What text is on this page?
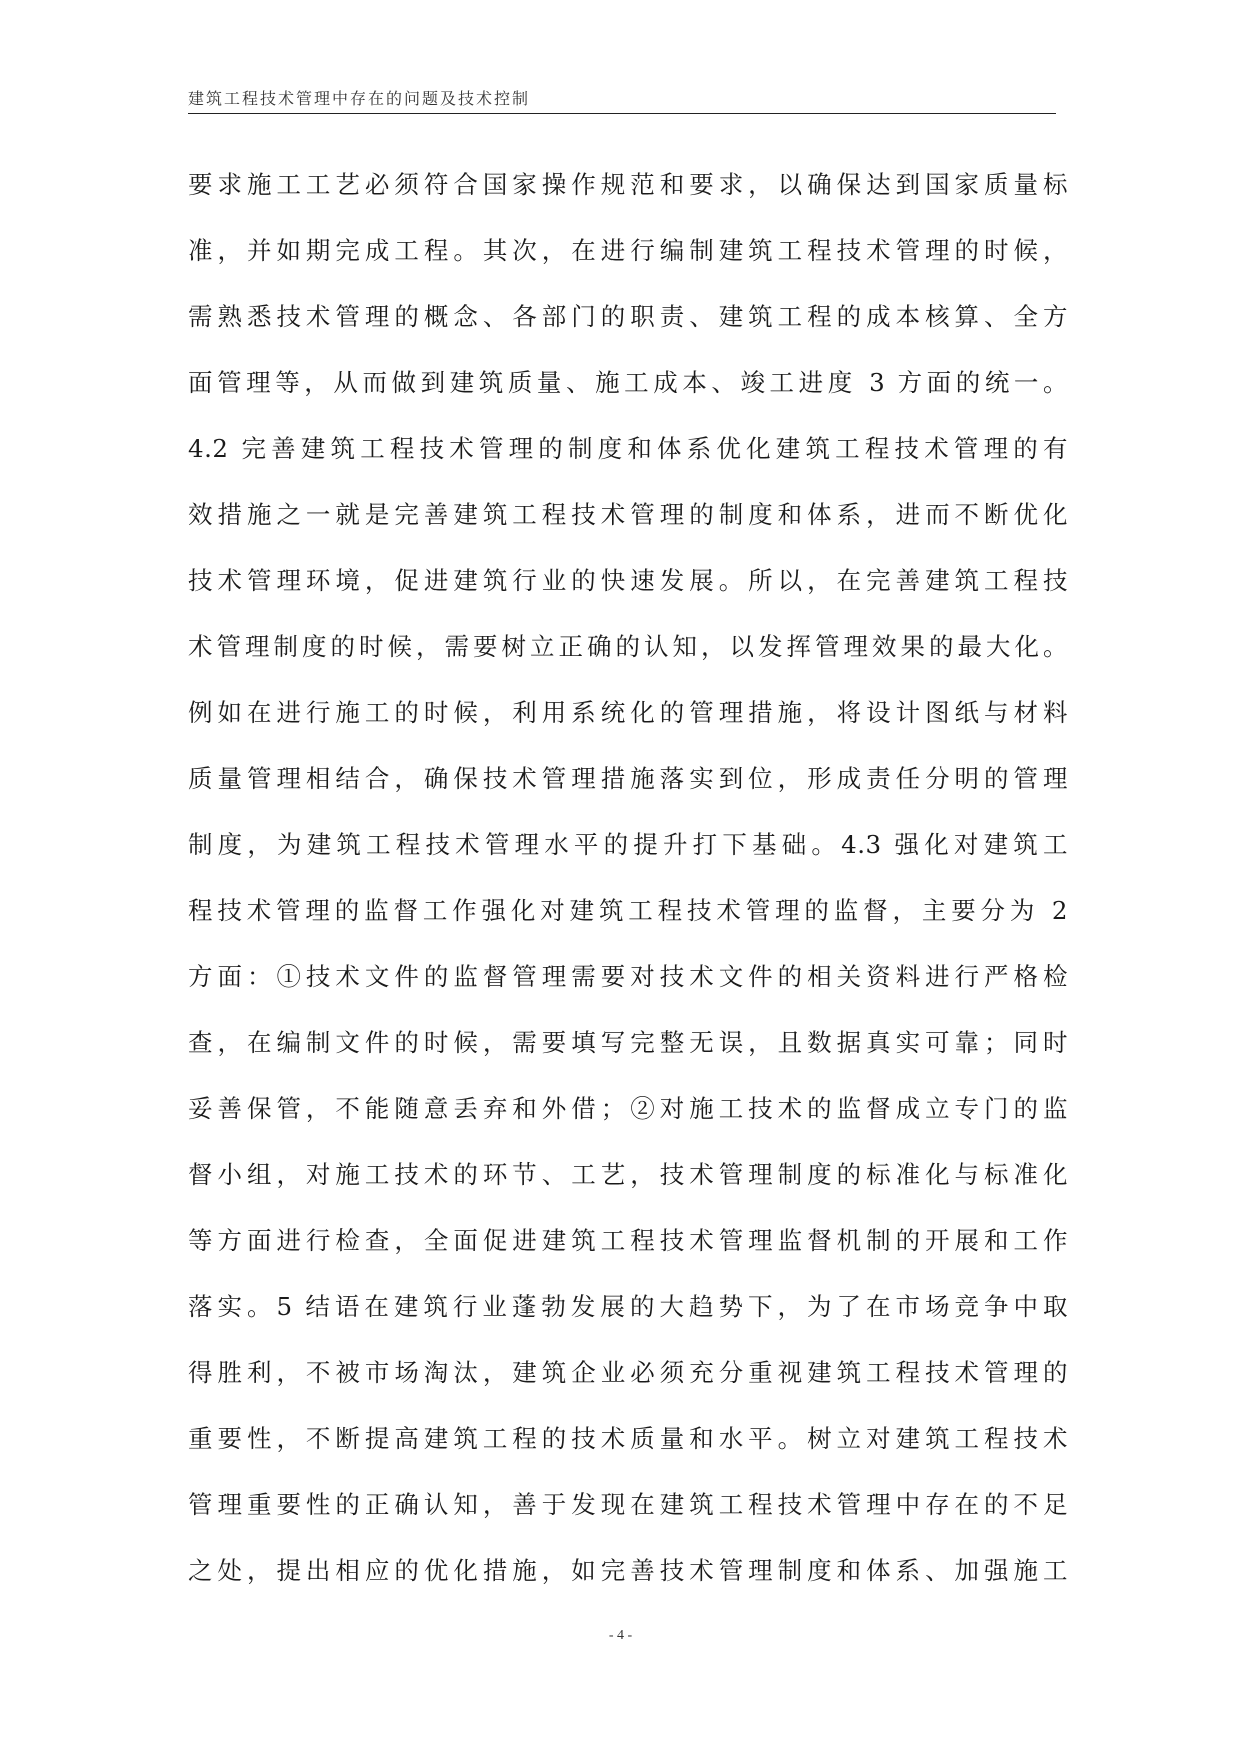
建筑工程技术管理中存在的问题及技术控制
要求施工工艺必须符合国家操作规范和要求，以确保达到国家质量标
准，并如期完成工程。其次，在进行编制建筑工程技术管理的时候，
需熟悉技术管理的概念、各部门的职责、建筑工程的成本核算、全方
面管理等，从而做到建筑质量、施工成本、竣工进度 3 方面的统一。
4.2 完善建筑工程技术管理的制度和体系优化建筑工程技术管理的有
效措施之一就是完善建筑工程技术管理的制度和体系，进而不断优化
技术管理环境，促进建筑行业的快速发展。所以，在完善建筑工程技
术管理制度的时候，需要树立正确的认知，以发挥管理效果的最大化。
例如在进行施工的时候，利用系统化的管理措施，将设计图纸与材料
质量管理相结合，确保技术管理措施落实到位，形成责任分明的管理
制度，为建筑工程技术管理水平的提升打下基础。4.3 强化对建筑工
程技术管理的监督工作强化对建筑工程技术管理的监督，主要分为 2
方面：①技术文件的监督管理需要对技术文件的相关资料进行严格检
查，在编制文件的时候，需要填写完整无误，且数据真实可靠；同时
妥善保管，不能随意丢弃和外借；②对施工技术的监督成立专门的监
督小组，对施工技术的环节、工艺，技术管理制度的标准化与标准化
等方面进行检查，全面促进建筑工程技术管理监督机制的开展和工作
落实。5 结语在建筑行业蓬勃发展的大趋势下，为了在市场竞争中取
得胜利，不被市场淘汰，建筑企业必须充分重视建筑工程技术管理的
重要性，不断提高建筑工程的技术质量和水平。树立对建筑工程技术
管理重要性的正确认知，善于发现在建筑工程技术管理中存在的不足
之处，提出相应的优化措施，如完善技术管理制度和体系、加强施工
- 4 -
